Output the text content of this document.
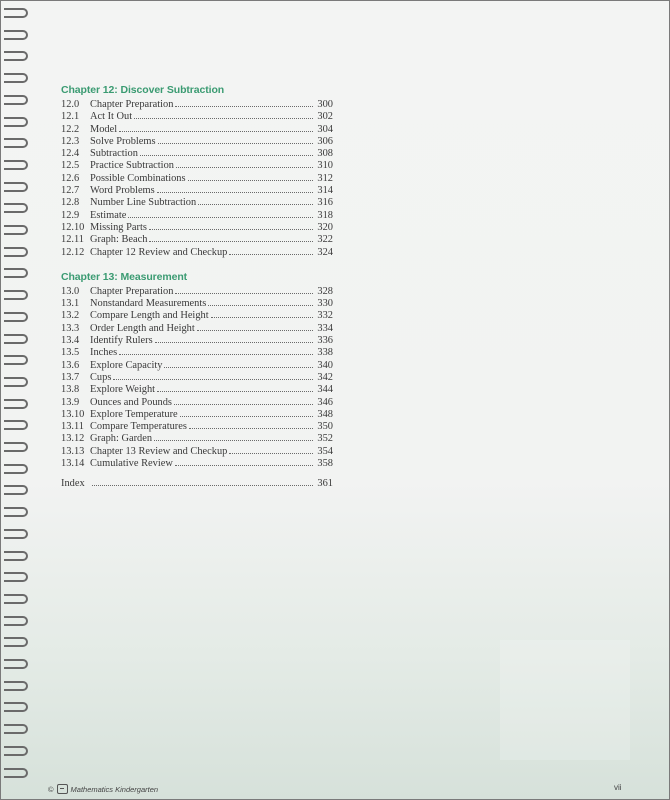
Chapter 12: Discover Subtraction
12.0	Chapter Preparation	300
12.1	Act It Out	302
12.2	Model	304
12.3	Solve Problems	306
12.4	Subtraction	308
12.5	Practice Subtraction	310
12.6	Possible Combinations	312
12.7	Word Problems	314
12.8	Number Line Subtraction	316
12.9	Estimate	318
12.10 Missing Parts	320
12.11 Graph: Beach	322
12.12 Chapter 12 Review and Checkup	324
Chapter 13: Measurement
13.0	Chapter Preparation	328
13.1	Nonstandard Measurements	330
13.2	Compare Length and Height	332
13.3	Order Length and Height	334
13.4	Identify Rulers	336
13.5	Inches	338
13.6	Explore Capacity	340
13.7	Cups	342
13.8	Explore Weight	344
13.9	Ounces and Pounds	346
13.10 Explore Temperature	348
13.11 Compare Temperatures	350
13.12 Graph: Garden	352
13.13 Chapter 13 Review and Checkup	354
13.14 Cumulative Review	358
Index	361
© Mathematics Kindergarten	vii
